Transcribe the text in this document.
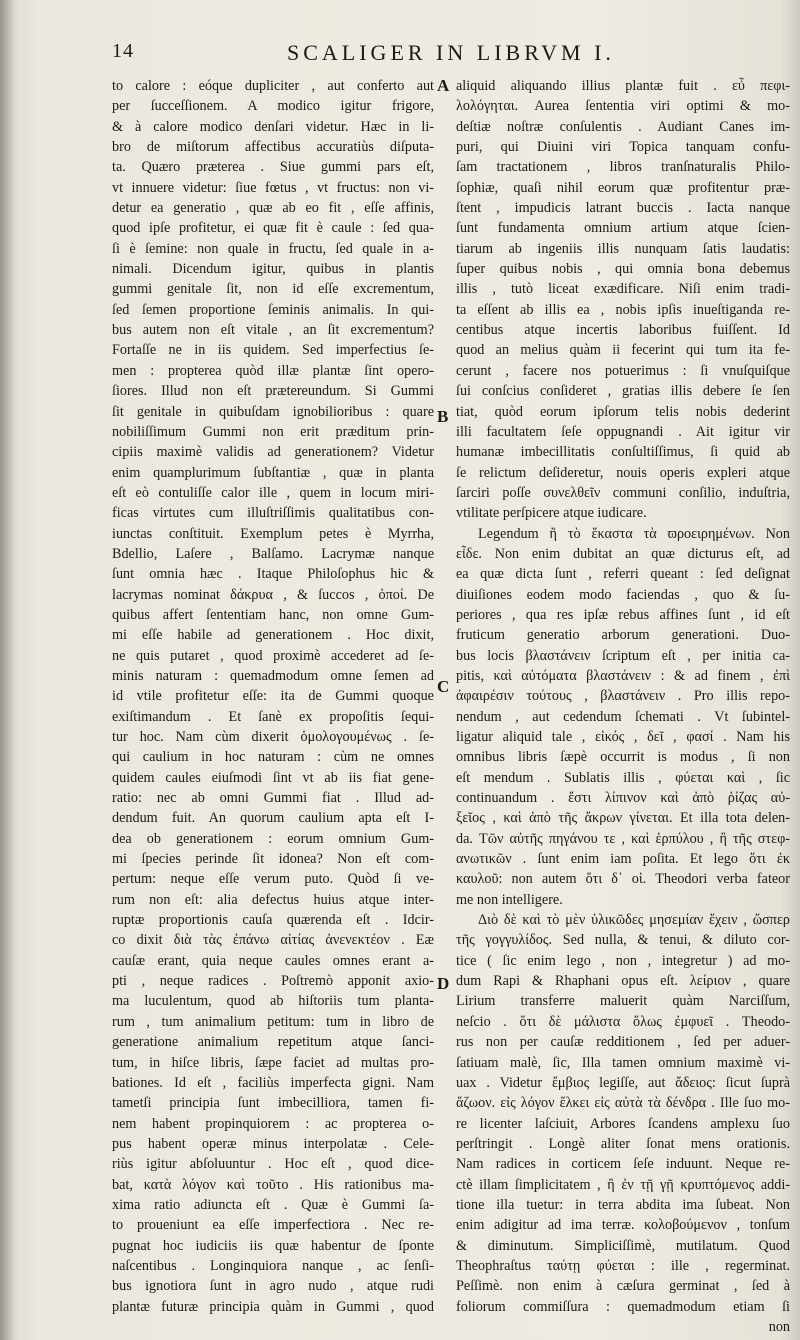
14	SCALIGER IN LIBRVM I.
to calore : eóque dupliciter , aut conferto aut
per ſucceſſionem. A modico igitur frigore,
& à calore modico denſari videtur. Hæc in li-
bro de miſtorum affectibus accuratiùs diſputa-
ta. Quæro præterea . Siue gummi pars eſt,
vt innuere videtur: ſiue fœtus , vt fructus: non vi-
detur ea generatio , quæ ab eo fit , eſſe affinis,
quod ipſe profitetur, ei quæ fit è caule : ſed qua-
ſi è ſemine: non quale in fructu, ſed quale in a-
nimali. Dicendum igitur, quibus in plantis
gummi genitale ſit, non id eſſe excrementum,
ſed ſemen proportione ſeminis animalis. In qui-
bus autem non eſt vitale , an ſit excrementum?
Fortaſſe ne in iis quidem. Sed imperfectius ſe-
men : propterea quòd illæ plantæ ſint opero-
ſiores. Illud non eſt prætereundum. Si Gummi
ſit genitale in quibuſdam ignobilioribus : quare
nobiliſſimum Gummi non erit præditum prin-
cipiis maximè validis ad generationem? Videtur
enim quamplurimum ſubſtantiæ , quæ in planta
eſt eò contuliſſe calor ille , quem in locum miri-
ficas virtutes cum illuſtriſſimis qualitatibus con-
iunctas conſtituit. Exemplum petes è Myrrha,
Bdellio, Laſere , Balſamo. Lacrymæ nanque
ſunt omnia hæc . Itaque Philoſophus hic &
lacrymas nominat δάκρυα , & ſuccos , ὀποί. De
quibus affert ſententiam hanc, non omne Gum-
mi eſſe habile ad generationem . Hoc dixit,
ne quis putaret , quod proximè accederet ad ſe-
minis naturam : quemadmodum omne ſemen ad
id vtile profitetur eſſe: ita de Gummi quoque
exiſtimandum . Et ſanè ex propoſitis ſequi-
tur hoc. Nam cùm dixerit ὁμολογουμένως . ſe-
qui caulium in hoc naturam : cùm ne omnes
quidem caules eiuſmodi ſint vt ab iis fiat gene-
ratio: nec ab omni Gummi fiat . Illud ad-
dendum fuit. An quorum caulium apta eſt I-
dea ob generationem : eorum omnium Gum-
mi ſpecies perinde ſit idonea? Non eſt com-
pertum: neque eſſe verum puto. Quòd ſi ve-
rum non eſt: alia defectus huius atque inter-
ruptæ proportionis cauſa quærenda eſt . Idcir-
co dixit διὰ τὰς ἐπάνω αἰτίας ἀνενεκτέον . Eæ
cauſæ erant, quia neque caules omnes erant a-
pti , neque radices . Poſtremò apponit axio-
ma luculentum, quod ab hiſtoriis tum planta-
rum , tum animalium petitum: tum in libro de
generatione animalium repetitum atque ſanci-
tum, in hiſce libris, ſæpe faciet ad multas pro-
bationes. Id eſt , faciliùs imperfecta gigni. Nam
tametſi principia ſunt imbecilliora, tamen fi-
nem habent propinquiorem : ac propterea o-
pus habent operæ minus interpolatæ . Cele-
riùs igitur abſoluuntur . Hoc eſt , quod dice-
bat, κατὰ λόγον καὶ τοῦτο . His rationibus ma-
xima ratio adiuncta eſt . Quæ è Gummi ſa-
to proueniunt ea eſſe imperfectiora . Nec re-
pugnat hoc iudiciis iis quæ habentur de ſponte
naſcentibus . Longinquiora nanque , ac ſenſi-
bus ignotiora ſunt in agro nudo , atque rudi
plantæ futuræ principia quàm in Gummi , quod
aliquid aliquando illius plantæ fuit . εὖ πεφι-
λολόγηται. Aurea ſententia viri optimi & mo-
deſtiæ noſtræ conſulentis . Audiant Canes im-
puri, qui Diuini viri Topica tanquam confu-
ſam tractationem , libros tranſnaturalis Philo-
ſophiæ, quaſi nihil eorum quæ profitentur præ-
ſtent , impudicis latrant buccis . Iacta nanque
ſunt fundamenta omnium artium atque ſcien-
tiarum ab ingeniis illis nunquam ſatis laudatis:
ſuper quibus nobis , qui omnia bona debemus
illis , tutò liceat exædificare. Niſi enim tradi-
ta eſſent ab illis ea , nobis ipſis inueſtiganda re-
centibus atque incertis laboribus fuiſſent. Id
quod an melius quàm ii fecerint qui tum ita fe-
cerunt , facere nos potuerimus : ſi vnuſquiſque
ſui conſcius conſideret , gratias illis debere ſe ſen
tiat, quòd eorum ipſorum telis nobis dederint
illi facultatem ſeſe oppugnandi . Ait igitur vir
humanæ imbecillitatis conſultiſſimus, ſi quid ab
ſe relictum deſideretur, nouis operis expleri atque
ſarciri poſſe συνελθεῖν communi conſilio, induſtria,
vtilitate perſpicere atque iudicare.
Legendum ἢ τὸ ἕκαστα τὰ ϖροειρημένων. Non
εἶδε. Non enim dubitat an quæ dicturus eſt, ad
ea quæ dicta ſunt , referri queant : ſed deſignat
diuiſiones eodem modo faciendas , quo & ſu-
periores , qua res ipſæ rebus affines ſunt , id eſt
fruticum generatio arborum generationi. Duo-
bus locis βλαστάνειν ſcriptum eſt , per initia ca-
pitis, καὶ αὐτόματα βλαστάνειν : & ad finem , ἐπὶ
ἀφαιρέσιν τούτους , βλαστάνειν . Pro illis repo-
nendum , aut cedendum ſchemati . Vt ſubintel-
ligatur aliquid tale , εἰκός , δεῖ , φασί . Nam his
omnibus libris ſæpè occurrit is modus , ſi non
eſt mendum . Sublatis illis , φύεται καὶ , ſic
continuandum . ἔστι λίπινον καὶ ἀπὸ ῥίζας αὐ-
ξεῖος , καὶ ἀπὸ τῆς ἄκρων γίνεται. Et illa tota delen-
da. Τῶν αὐτῆς πηγάνου τε , καὶ ἑρπύλου , ἢ τῆς στεφ-
ανωτικῶν . ſunt enim iam poſita. Et lego ὅτι ἐκ
καυλοῦ: non autem ὅτι δ᾽ οἱ. Theodori verba fateor
me non intelligere.
Διὸ δὲ καὶ τὸ μὲν ὑλικῶδες μησεμίαν ἔχειν , ὥσπερ
τῆς γογγυλίδος. Sed nulla, & tenui, & diluto cor-
tice ( ſic enim lego , non , integretur ) ad mo-
dum Rapi & Rhaphani opus eſt. λείριον , quare
Lirium transferre maluerit quàm Narciſſum,
neſcio . ὅτι δὲ μάλιστα ὅλως ἐμφυεῖ . Theodo-
rus non per cauſæ redditionem , ſed per aduer-
ſatiuam malè, ſic, Illa tamen omnium maximè vi-
uax . Videtur ἔμβιος legiſſe, aut ἄδειος: ſicut ſuprà
ἄζωον. εἰς λόγον ἕλκει εἰς αὐτὰ τὰ δένδρα . Ille ſuo mo-
re licenter laſciuit, Arbores ſcandens amplexu ſuo
perſtringit . Longè aliter ſonat mens orationis.
Nam radices in corticem ſeſe induunt. Neque re-
ctè illam ſimplicitatem , ἢ ἐν τῇ γῇ κρυπτόμενος addi-
tione illa tuetur: in terra abdita ima ſubeat. Non
enim adigitur ad ima terræ. κολοβούμενον , tonſum
& diminutum. Simpliciſſimè, mutilatum. Quod
Theophraſtus ταύτῃ φύεται : ille , regerminat.
Peſſimè. non enim à cæſura germinat , ſed à
foliorum commiſſura : quemadmodum etiam ſi
non
A
B
C
D
